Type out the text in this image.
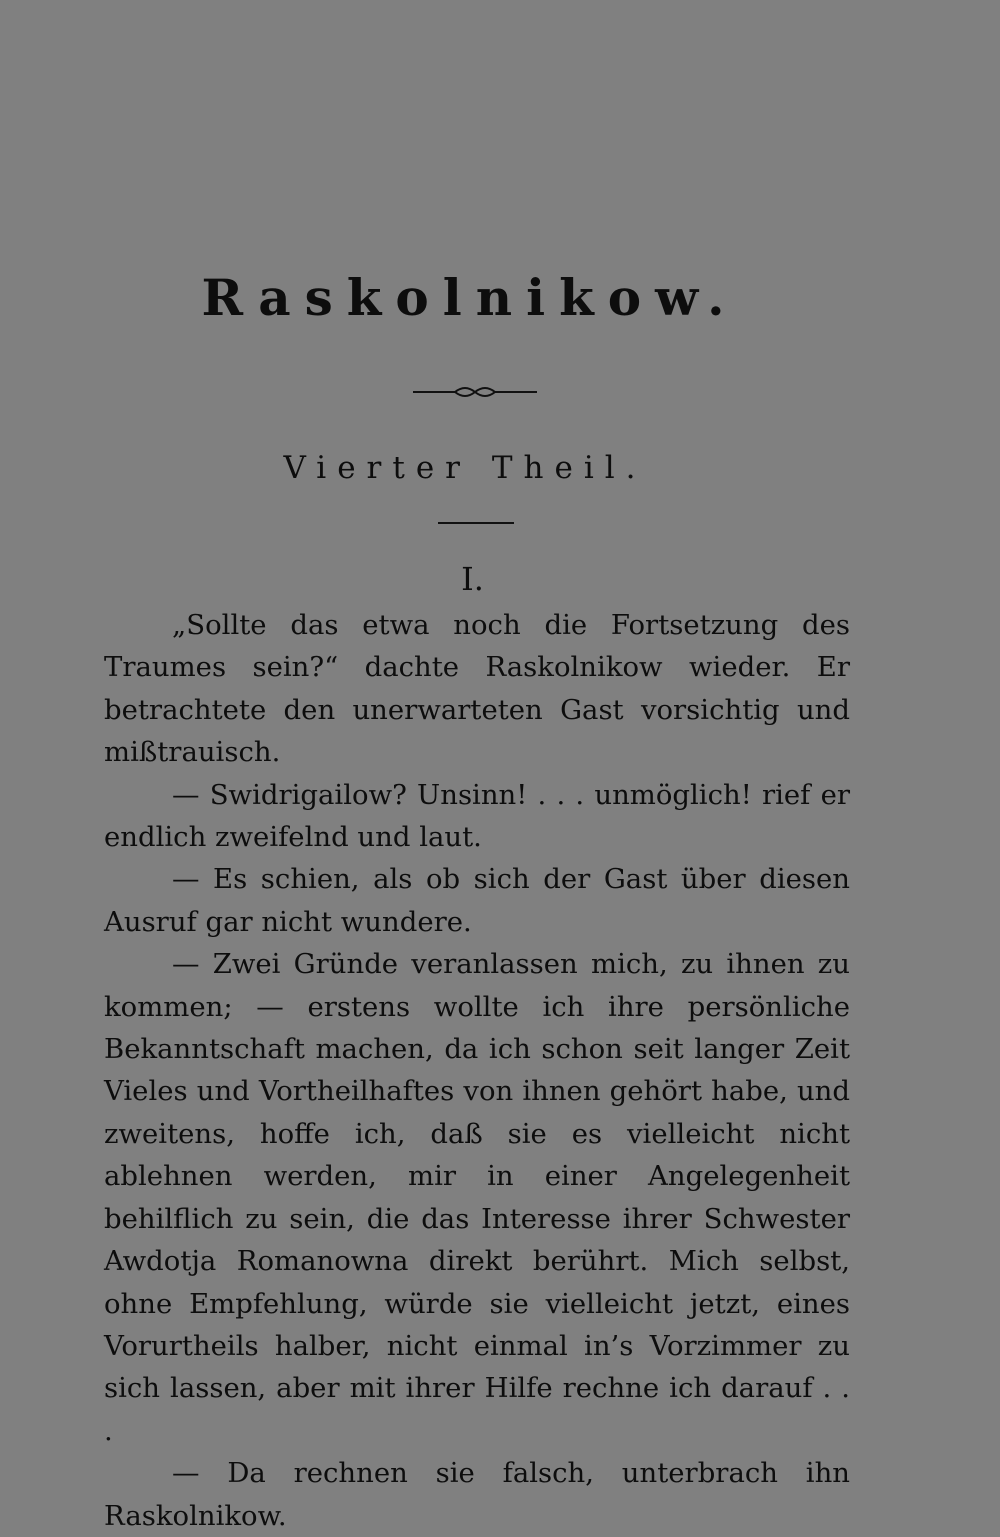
Raskolnikow.
Vierter Theil.
I.

„Sollte das etwa noch die Fortsetzung des Traumes sein?“ dachte Raskolnikow wieder. Er betrachtete den unerwarteten Gast vorsichtig und mißtrauisch.

— Swidrigailow? Unsinn! . . . unmöglich! rief er endlich zweifelnd und laut.

— Es schien, als ob sich der Gast über diesen Ausruf gar nicht wundere.

— Zwei Gründe veranlassen mich, zu ihnen zu kommen; — erstens wollte ich ihre persönliche Bekanntschaft machen, da ich schon seit langer Zeit Vieles und Vortheilhaftes von ihnen gehört habe, und zweitens, hoffe ich, daß sie es vielleicht nicht ablehnen werden, mir in einer Angelegenheit behilflich zu sein, die das Interesse ihrer Schwester Awdotja Romanowna direkt berührt. Mich selbst, ohne Empfehlung, würde sie vielleicht jetzt, eines Vorurtheils halber, nicht einmal in’s Vorzimmer zu sich lassen, aber mit ihrer Hilfe rechne ich darauf . . .

— Da rechnen sie falsch, unterbrach ihn Raskolnikow.
